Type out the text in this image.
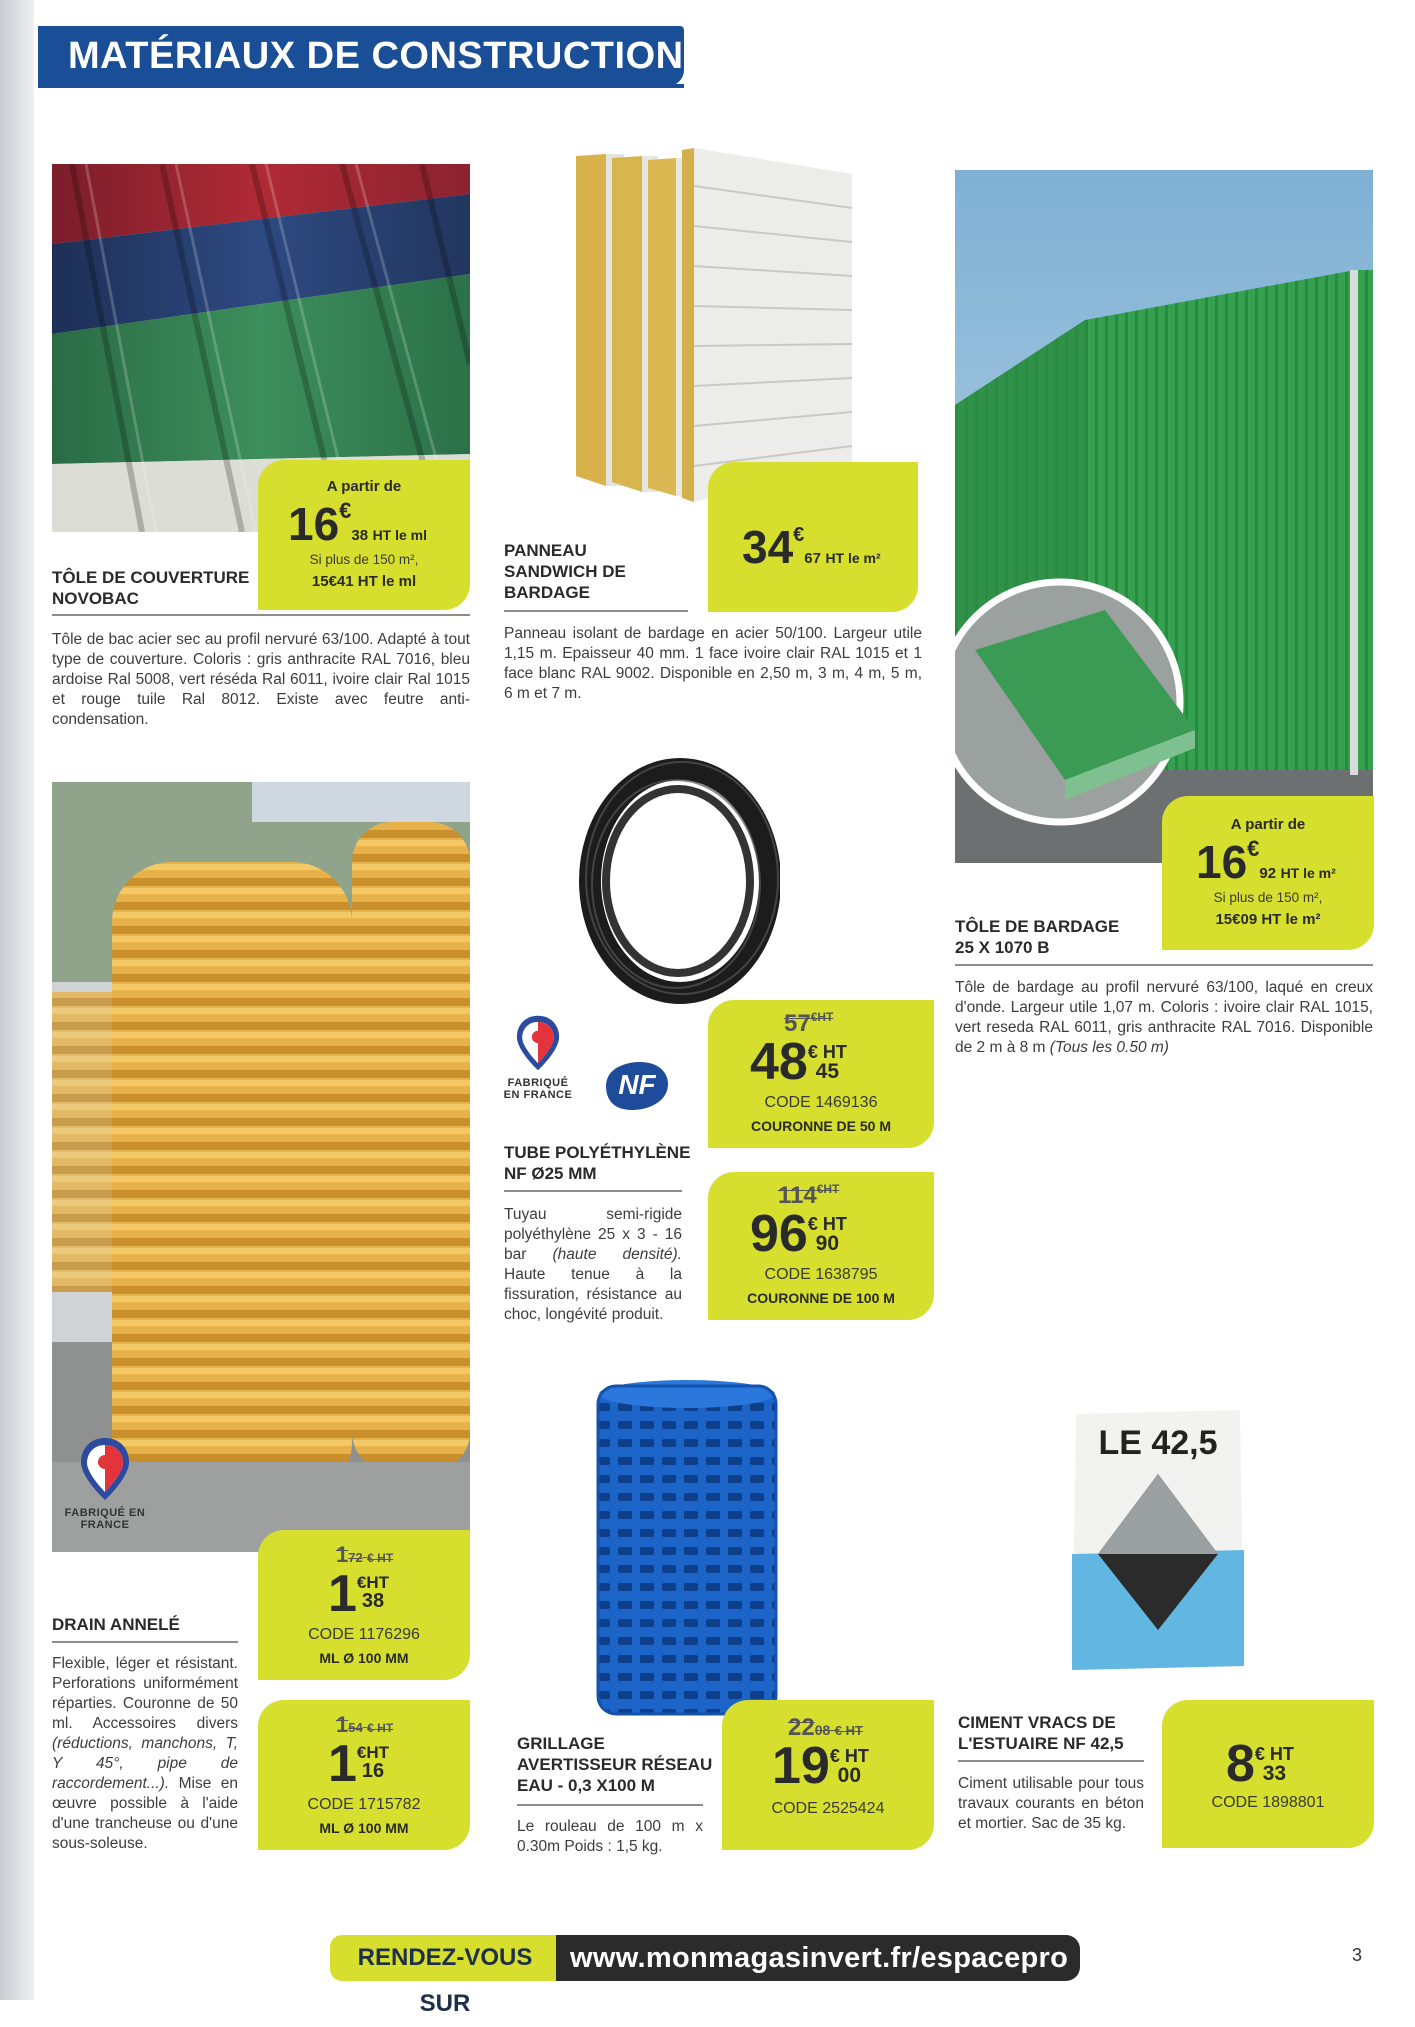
MATÉRIAUX DE CONSTRUCTION
A partir de
16€38 HT le ml
Si plus de 150 m²,
15€41 HT le ml
TÔLE DE COUVERTURE
NOVOBAC
Tôle de bac acier sec au profil nervuré 63/100. Adapté à tout type de couverture. Coloris : gris anthracite RAL 7016, bleu ardoise Ral 5008, vert réséda Ral 6011, ivoire clair Ral 1015 et rouge tuile Ral 8012. Existe avec feutre anti-condensation.
34€67 HT le m²
PANNEAU
SANDWICH DE
BARDAGE
Panneau isolant de bardage en acier 50/100. Largeur utile 1,15 m. Epaisseur 40 mm. 1 face ivoire clair RAL 1015 et 1 face blanc RAL 9002. Disponible en 2,50 m, 3 m, 4 m, 5 m, 6 m et 7 m.
A partir de
16€92 HT le m²
Si plus de 150 m²,
15€09 HT le m²
TÔLE DE BARDAGE
25 X 1070 B
Tôle de bardage au profil nervuré 63/100, laqué en creux d'onde. Largeur utile 1,07 m. Coloris : ivoire clair RAL 1015, vert reseda RAL 6011, gris anthracite RAL 7016. Disponible de 2 m à 8 m (Tous les 0.50 m)
FABRIQUÉ EN FRANCE
DRAIN ANNELÉ
Flexible, léger et résistant. Perforations uniformément réparties. Couronne de 50 ml. Accessoires divers (réductions, manchons, T, Y 45°, pipe de raccordement...). Mise en œuvre possible à l'aide d'une trancheuse ou d'une sous-soleuse.
172 € HT
1 €HT
38
CODE 1176296
ML Ø 100 MM
154 € HT
1 €HT
16
CODE 1715782
ML Ø 100 MM
FABRIQUÉ EN FRANCE NF
TUBE POLYÉTHYLÈNE
NF Ø25 MM
Tuyau semi-rigide polyéthylène 25 x 3 - 16 bar (haute densité). Haute tenue à la fissuration, résistance au choc, longévité produit.
$57^{€HT}$
48 € HT
45
CODE 1469136
COURONNE DE 50 M
$114^{€HT}$
96 € HT
90
CODE 1638795
COURONNE DE 100 M
GRILLAGE
AVERTISSEUR RÉSEAU
EAU - 0,3 X100 M
Le rouleau de 100 m x 0.30m Poids : 1,5 kg.
2208 € HT
19 € HT
00
CODE 2525424
LE 42,5
CIMENT VRACS DE
L'ESTUAIRE NF 42,5
Ciment utilisable pour tous travaux courants en béton et mortier. Sac de 35 kg.
8 € HT
33
CODE 1898801
RENDEZ-VOUS SUR
www.monmagasinvert.fr/espacepro	3
